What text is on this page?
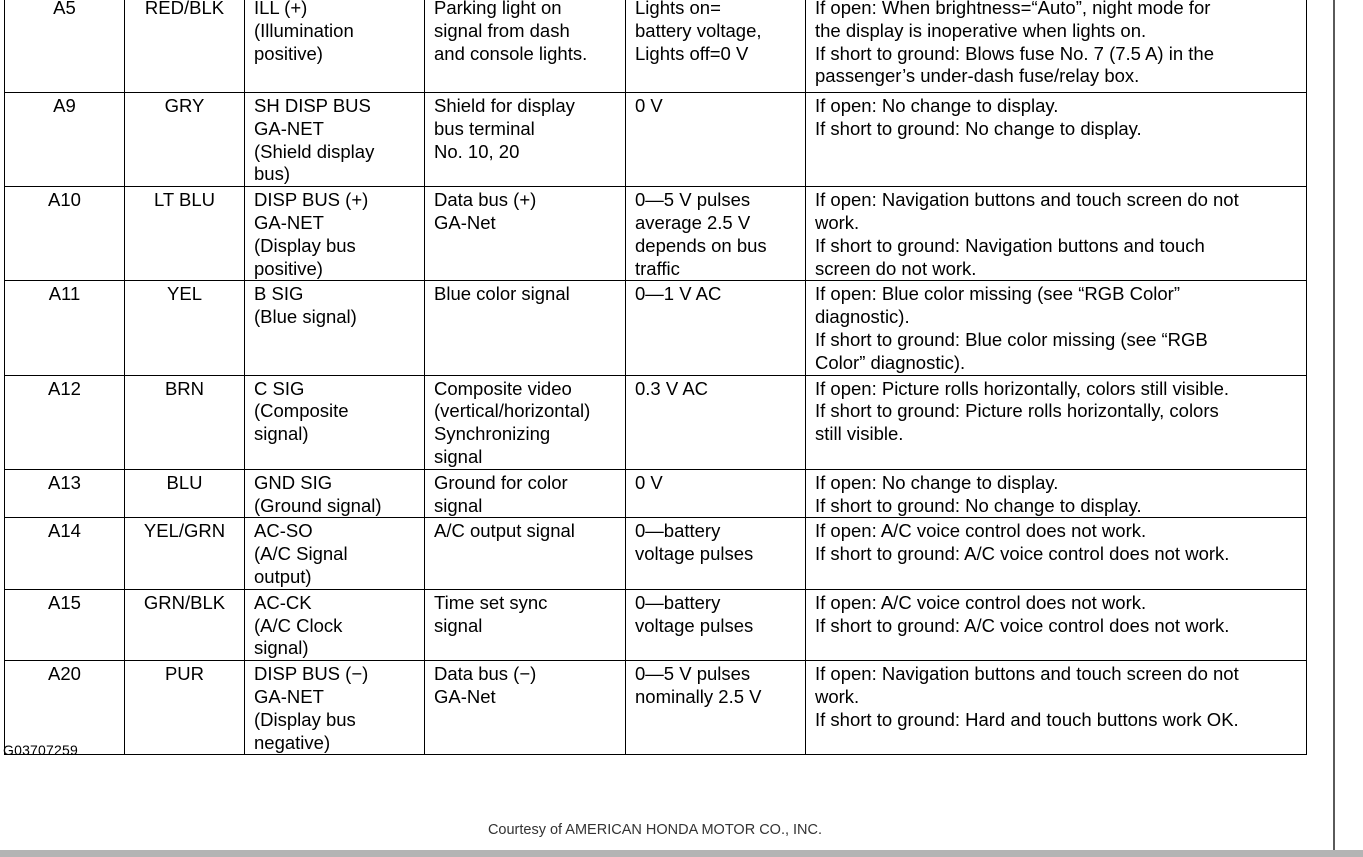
A5	RED/BLK	ILL (+)
(Illumination
positive)	Parking light on
signal from dash
and console lights.	Lights on=
battery voltage,
Lights off=0 V	If open: When brightness=“Auto”, night mode for
the display is inoperative when lights on.
If short to ground: Blows fuse No. 7 (7.5 A) in the
passenger’s under-dash fuse/relay box.

A9	GRY	SH DISP BUS
GA-NET
(Shield display
bus)	Shield for display
bus terminal
No. 10, 20	0 V	If open: No change to display.
If short to ground: No change to display.

A10	LT BLU	DISP BUS (+)
GA-NET
(Display bus
positive)	Data bus (+)
GA-Net	0—5 V pulses
average 2.5 V
depends on bus
traffic	If open: Navigation buttons and touch screen do not
work.
If short to ground: Navigation buttons and touch
screen do not work.

A11	YEL	B SIG
(Blue signal)	Blue color signal	0—1 V AC	If open: Blue color missing (see “RGB Color”
diagnostic).
If short to ground: Blue color missing (see “RGB
Color” diagnostic).

A12	BRN	C SIG
(Composite
signal)	Composite video
(vertical/horizontal)
Synchronizing
signal	0.3 V AC	If open: Picture rolls horizontally, colors still visible.
If short to ground: Picture rolls horizontally, colors
still visible.

A13	BLU	GND SIG
(Ground signal)	Ground for color
signal	0 V	If open: No change to display.
If short to ground: No change to display.

A14	YEL/GRN	AC-SO
(A/C Signal
output)	A/C output signal	0—battery
voltage pulses	If open: A/C voice control does not work.
If short to ground: A/C voice control does not work.

A15	GRN/BLK	AC-CK
(A/C Clock
signal)	Time set sync
signal	0—battery
voltage pulses	If open: A/C voice control does not work.
If short to ground: A/C voice control does not work.

A20	PUR	DISP BUS (−)
GA-NET
(Display bus
negative)	Data bus (−)
GA-Net	0—5 V pulses
nominally 2.5 V	If open: Navigation buttons and touch screen do not
work.
If short to ground: Hard and touch buttons work OK.
G03707259
Courtesy of AMERICAN HONDA MOTOR CO., INC.
